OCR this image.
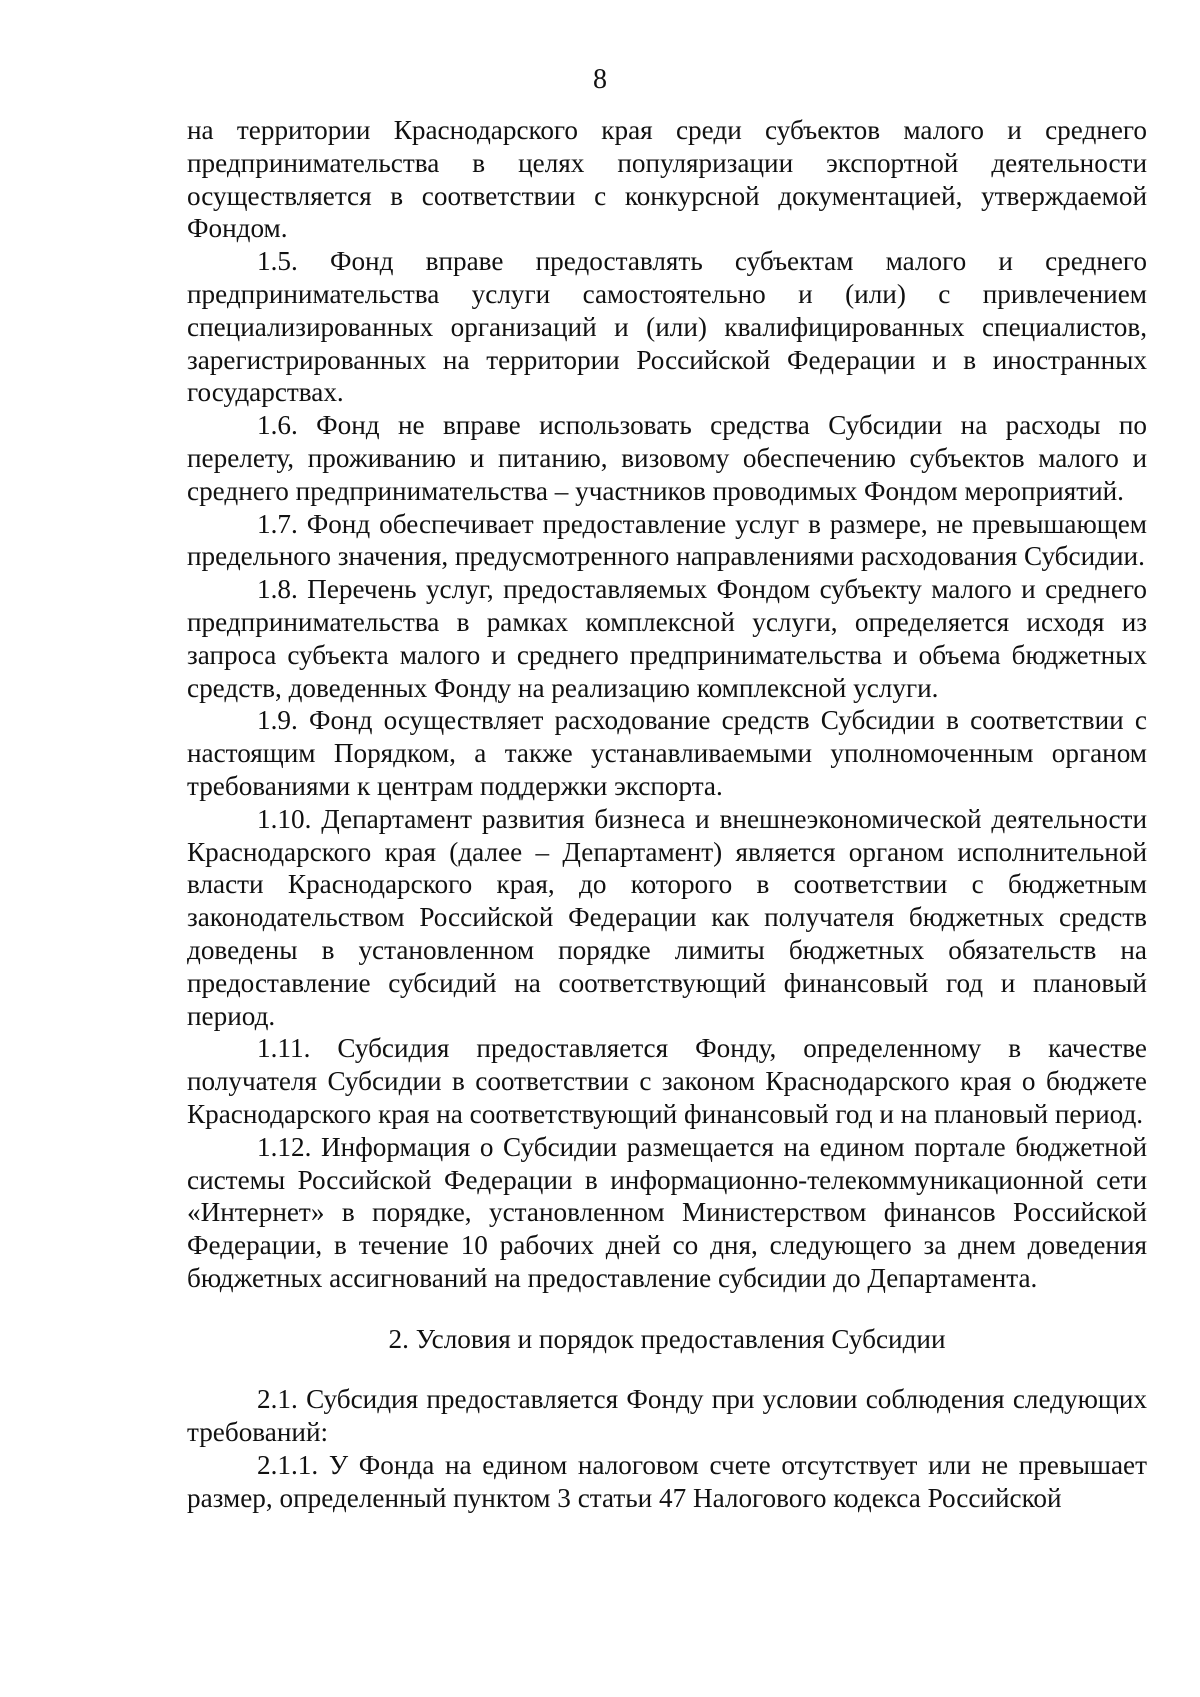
8

на территории Краснодарского края среди субъектов малого и среднего предпринимательства в целях популяризации экспортной деятельности осуществляется в соответствии с конкурсной документацией, утверждаемой Фондом.

1.5. Фонд вправе предоставлять субъектам малого и среднего предпринимательства услуги самостоятельно и (или) с привлечением специализированных организаций и (или) квалифицированных специалистов, зарегистрированных на территории Российской Федерации и в иностранных государствах.

1.6. Фонд не вправе использовать средства Субсидии на расходы по перелету, проживанию и питанию, визовому обеспечению субъектов малого и среднего предпринимательства – участников проводимых Фондом мероприятий.

1.7. Фонд обеспечивает предоставление услуг в размере, не превышающем предельного значения, предусмотренного направлениями расходования Субсидии.

1.8. Перечень услуг, предоставляемых Фондом субъекту малого и среднего предпринимательства в рамках комплексной услуги, определяется исходя из запроса субъекта малого и среднего предпринимательства и объема бюджетных средств, доведенных Фонду на реализацию комплексной услуги.

1.9. Фонд осуществляет расходование средств Субсидии в соответствии с настоящим Порядком, а также устанавливаемыми уполномоченным органом требованиями к центрам поддержки экспорта.

1.10. Департамент развития бизнеса и внешнеэкономической деятельности Краснодарского края (далее – Департамент) является органом исполнительной власти Краснодарского края, до которого в соответствии с бюджетным законодательством Российской Федерации как получателя бюджетных средств доведены в установленном порядке лимиты бюджетных обязательств на предоставление субсидий на соответствующий финансовый год и плановый период.

1.11. Субсидия предоставляется Фонду, определенному в качестве получателя Субсидии в соответствии с законом Краснодарского края о бюджете Краснодарского края на соответствующий финансовый год и на плановый период.

1.12. Информация о Субсидии размещается на едином портале бюджетной системы Российской Федерации в информационно-телекоммуникационной сети «Интернет» в порядке, установленном Министерством финансов Российской Федерации, в течение 10 рабочих дней со дня, следующего за днем доведения бюджетных ассигнований на предоставление субсидии до Департамента.

2. Условия и порядок предоставления Субсидии

2.1. Субсидия предоставляется Фонду при условии соблюдения следующих требований:

2.1.1. У Фонда на едином налоговом счете отсутствует или не превышает размер, определенный пунктом 3 статьи 47 Налогового кодекса Российской
